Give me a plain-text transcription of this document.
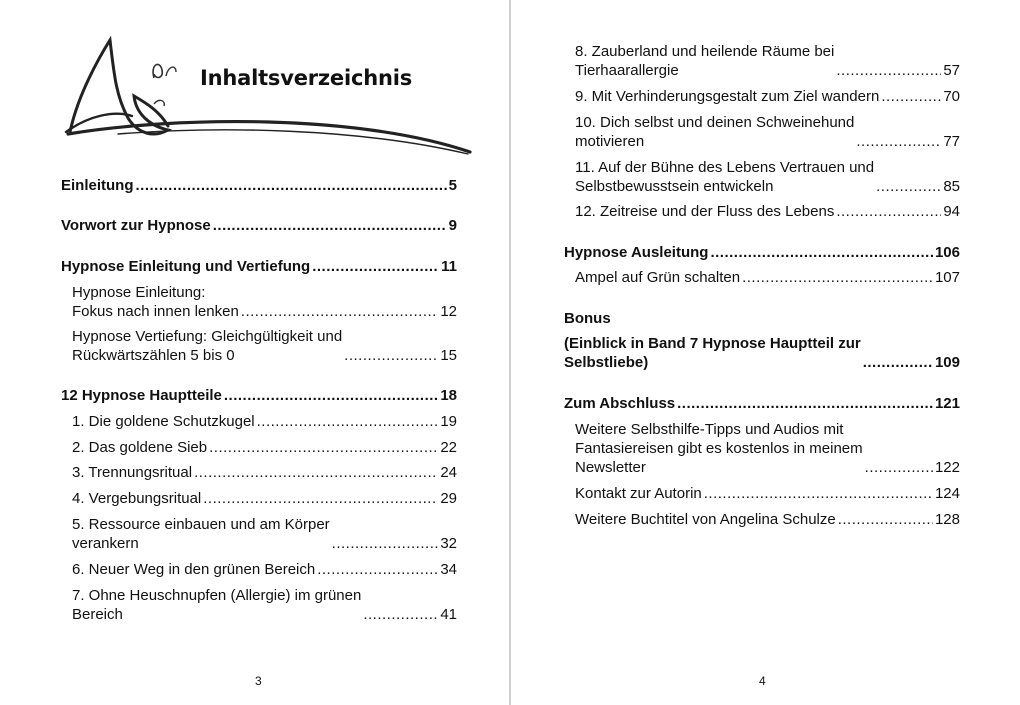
Inhaltsverzeichnis
Einleitung .....	5
Vorwort zur Hypnose .....	9
Hypnose Einleitung und Vertiefung .....	11
Hypnose Einleitung:
Fokus nach innen lenken .....	12
Hypnose Vertiefung: Gleichgültigkeit und
Rückwärtszählen 5 bis 0 .....	15
12 Hypnose Hauptteile .....	18
1. Die goldene Schutzkugel .....	19
2. Das goldene Sieb .....	22
3. Trennungsritual .....	24
4. Vergebungsritual .....	29
5. Ressource einbauen und am Körper
verankern .....	32
6. Neuer Weg in den grünen Bereich .....	34
7. Ohne Heuschnupfen (Allergie) im grünen
Bereich .....	41
3
8. Zauberland und heilende Räume bei
Tierhaarallergie .....	57
9. Mit Verhinderungsgestalt zum Ziel wandern .....	70
10. Dich selbst und deinen Schweinehund
motivieren .....	77
11. Auf der Bühne des Lebens Vertrauen und
Selbstbewusstsein entwickeln .....	85
12. Zeitreise und der Fluss des Lebens .....	94
Hypnose Ausleitung .....	106
Ampel auf Grün schalten .....	107
Bonus
(Einblick in Band 7 Hypnose Hauptteil zur
Selbstliebe) .....	109
Zum Abschluss .....	121
Weitere Selbsthilfe-Tipps und Audios mit
Fantasiereisen gibt es kostenlos in meinem
Newsletter .....	122
Kontakt zur Autorin .....	124
Weitere Buchtitel von Angelina Schulze .....	128
4
